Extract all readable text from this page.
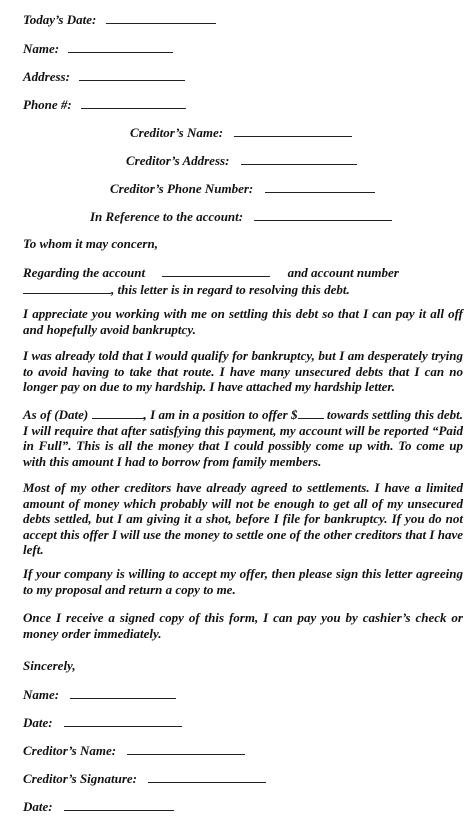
Today’s Date:
Name:
Address:
Phone #:
Creditor’s Name:
Creditor’s Address:
Creditor’s Phone Number:
In Reference to the account:
To whom it may concern,
Regarding the account	and account number
, this letter is in regard to resolving this debt.
I appreciate you working with me on settling this debt so that I can pay it all off and hopefully avoid bankruptcy.
I was already told that I would qualify for bankruptcy, but I am desperately trying to avoid having to take that route. I have many unsecured debts that I can no longer pay on due to my hardship. I have attached my hardship letter.
As of (Date)	, I am in a position to offer $ towards settling this debt. I will require that after satisfying this payment, my account will be reported “Paid in Full”. This is all the money that I could possibly come up with. To come up with this amount I had to borrow from family members.
Most of my other creditors have already agreed to settlements. I have a limited amount of money which probably will not be enough to get all of my unsecured debts settled, but I am giving it a shot, before I file for bankruptcy. If you do not accept this offer I will use the money to settle one of the other creditors that I have left.
If your company is willing to accept my offer, then please sign this letter agreeing to my proposal and return a copy to me.
Once I receive a signed copy of this form, I can pay you by cashier’s check or money order immediately.
Sincerely,
Name:
Date:
Creditor’s Name:
Creditor’s Signature:
Date:
